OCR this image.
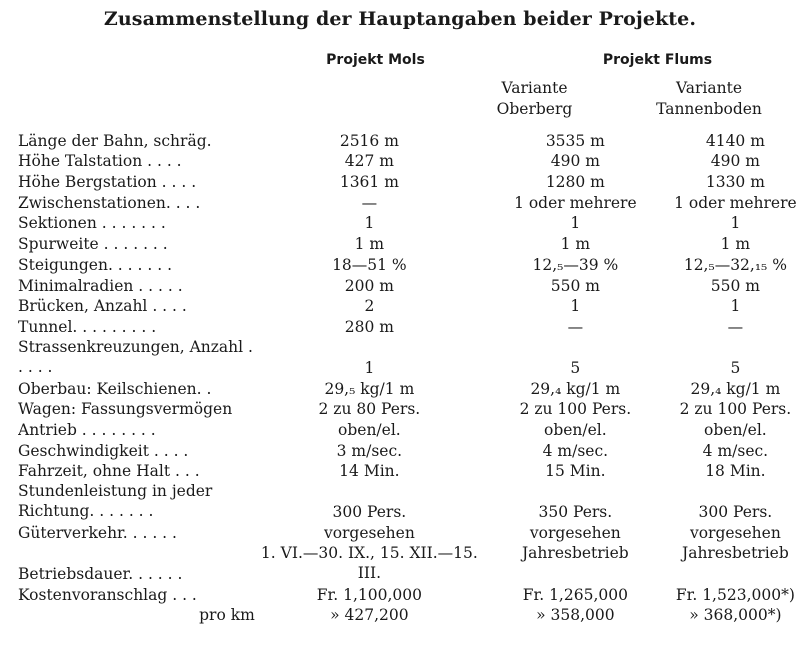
Zusammenstellung der Hauptangaben beider Projekte.
Projekt Mols	Projekt Flums
Variante
Oberberg
Variante
Tannenboden
Länge der Bahn, schräg.	2516 m	3535 m	4140 m
Höhe Talstation . . . .	427 m	490 m	490 m
Höhe Bergstation . . . .	1361 m	1280 m	1330 m
Zwischenstationen. . . .	—	1 oder mehrere	1 oder mehrere
Sektionen . . . . . . .	1	1	1
Spurweite . . . . . . .	1 m	1 m	1 m
Steigungen. . . . . . .	18—51 %	12,₅—39 %	12,₅—32,₁₅ %
Minimalradien . . . . .	200 m	550 m	550 m
Brücken, Anzahl . . . .	2	1	1
Tunnel. . . . . . . . .	280 m	—	—
Strassenkreuzungen, Anzahl . . . . .	1	5	5
Oberbau: Keilschienen. .	29,₅ kg/1 m	29,₄ kg/1 m	29,₄ kg/1 m
Wagen: Fassungsvermögen	2 zu 80 Pers.	2 zu 100 Pers.	2 zu 100 Pers.
Antrieb . . . . . . . .	oben/el.	oben/el.	oben/el.
Geschwindigkeit . . . .	3 m/sec.	4 m/sec.	4 m/sec.
Fahrzeit, ohne Halt . . .	14 Min.	15 Min.	18 Min.
Stundenleistung in jeder Richtung. . . . . . .	300 Pers.	350 Pers.	300 Pers.
Güterverkehr. . . . . .	vorgesehen	vorgesehen	vorgesehen
Betriebsdauer. . . . . .	1. VI.—30. IX., 15. XII.—15. III.	Jahresbetrieb	Jahresbetrieb
Kostenvoranschlag . . .	Fr. 1,100,000	Fr. 1,265,000	Fr. 1,523,000*)
pro km	» 427,200	» 358,000	» 368,000*)
